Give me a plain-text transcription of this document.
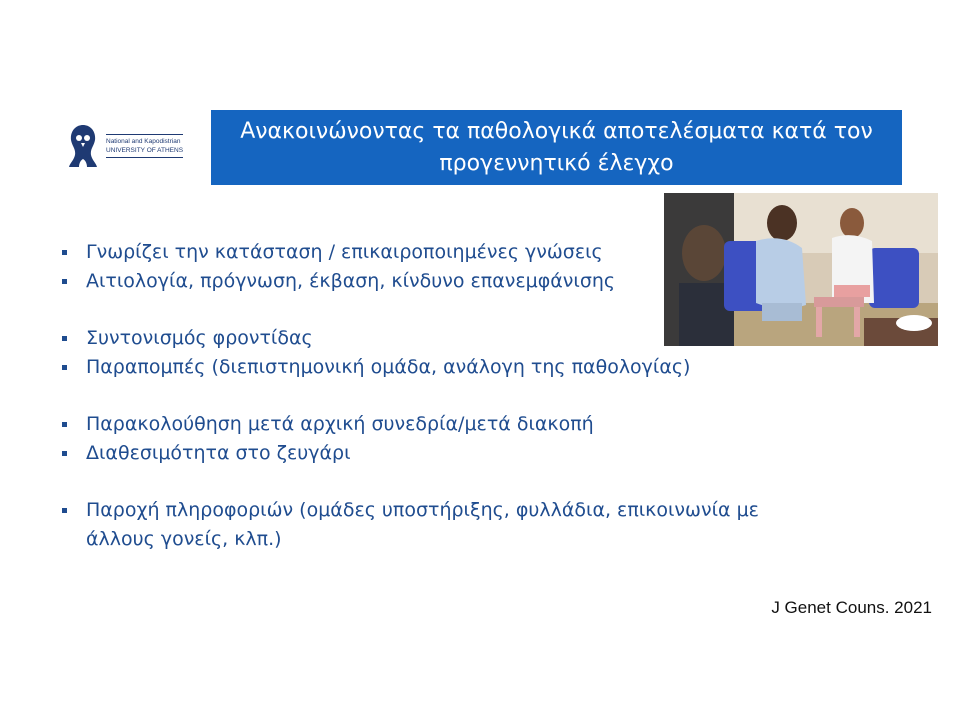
National and Kapodistrian
UNIVERSITY OF ATHENS
Ανακοινώνοντας τα παθολογικά αποτελέσματα κατά τον προγεννητικό έλεγχο
Γνωρίζει την κατάσταση / επικαιροποιημένες γνώσεις
Αιτιολογία, πρόγνωση, έκβαση, κίνδυνο επανεμφάνισης
Συντονισμός φροντίδας
Παραπομπές (διεπιστημονική ομάδα, ανάλογη της παθολογίας)
Παρακολούθηση μετά αρχική συνεδρία/μετά διακοπή
Διαθεσιμότητα στο ζευγάρι
Παροχή πληροφοριών (ομάδες υποστήριξης, φυλλάδια, επικοινωνία με άλλους γονείς, κλπ.)
J Genet Couns. 2021
